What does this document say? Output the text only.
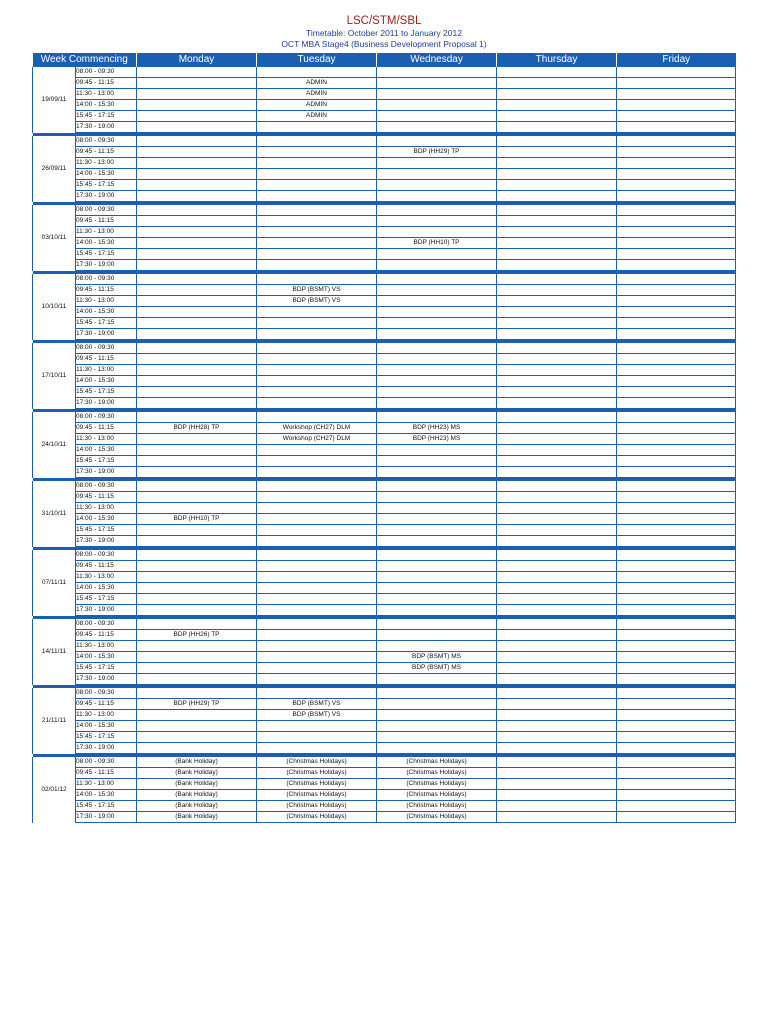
LSC/STM/SBL
Timetable: October 2011 to January 2012
OCT MBA Stage4 (Business Development Proposal 1)
Week Commencing		Monday	Tuesday	Wednesday	Thursday	Friday
19/09/11	08:00 - 09:30					
	09:45 - 11:15		ADMIN			
	11:30 - 13:00		ADMIN			
	14:00 - 15:30		ADMIN			
	15:45 - 17:15		ADMIN			
	17:30 - 19:00					

26/09/11	08:00 - 09:30					
	09:45 - 11:15			BDP (HH29) TP		
	11:30 - 13:00					
	14:00 - 15:30					
	15:45 - 17:15					
	17:30 - 19:00					

03/10/11	08:00 - 09:30					
	09:45 - 11:15					
	11:30 - 13:00					
	14:00 - 15:30			BDP (HH10) TP		
	15:45 - 17:15					
	17:30 - 19:00					

10/10/11	08:00 - 09:30					
	09:45 - 11:15		BDP (BSMT) VS			
	11:30 - 13:00		BDP (BSMT) VS			
	14:00 - 15:30					
	15:45 - 17:15					
	17:30 - 19:00					

17/10/11	08:00 - 09:30					
	09:45 - 11:15					
	11:30 - 13:00					
	14:00 - 15:30					
	15:45 - 17:15					
	17:30 - 19:00					

24/10/11	08:00 - 09:30					
	09:45 - 11:15	BDP (HH28) TP	Workshop (CH27) DLM	BDP (HH23) MS		
	11:30 - 13:00		Workshop (CH27) DLM	BDP (HH23) MS		
	14:00 - 15:30					
	15:45 - 17:15					
	17:30 - 19:00					

31/10/11	08:00 - 09:30					
	09:45 - 11:15					
	11:30 - 13:00					
	14:00 - 15:30	BDP (HH10) TP				
	15:45 - 17:15					
	17:30 - 19:00					

07/11/11	08:00 - 09:30					
	09:45 - 11:15					
	11:30 - 13:00					
	14:00 - 15:30					
	15:45 - 17:15					
	17:30 - 19:00					

14/11/11	08:00 - 09:30					
	09:45 - 11:15	BDP (HH26) TP				
	11:30 - 13:00					
	14:00 - 15:30			BDP (BSMT) MS		
	15:45 - 17:15			BDP (BSMT) MS		
	17:30 - 19:00					

21/11/11	08:00 - 09:30					
	09:45 - 11:15	BDP (HH29) TP	BDP (BSMT) VS			
	11:30 - 13:00		BDP (BSMT) VS			
	14:00 - 15:30					
	15:45 - 17:15					
	17:30 - 19:00					

02/01/12	08:00 - 09:30	(Bank Holiday)	(Christmas Holidays)	(Christmas Holidays)		
	09:45 - 11:15	(Bank Holiday)	(Christmas Holidays)	(Christmas Holidays)		
	11:30 - 13:00	(Bank Holiday)	(Christmas Holidays)	(Christmas Holidays)		
	14:00 - 15:30	(Bank Holiday)	(Christmas Holidays)	(Christmas Holidays)		
	15:45 - 17:15	(Bank Holiday)	(Christmas Holidays)	(Christmas Holidays)		
	17:30 - 19:00	(Bank Holiday)	(Christmas Holidays)	(Christmas Holidays)		
